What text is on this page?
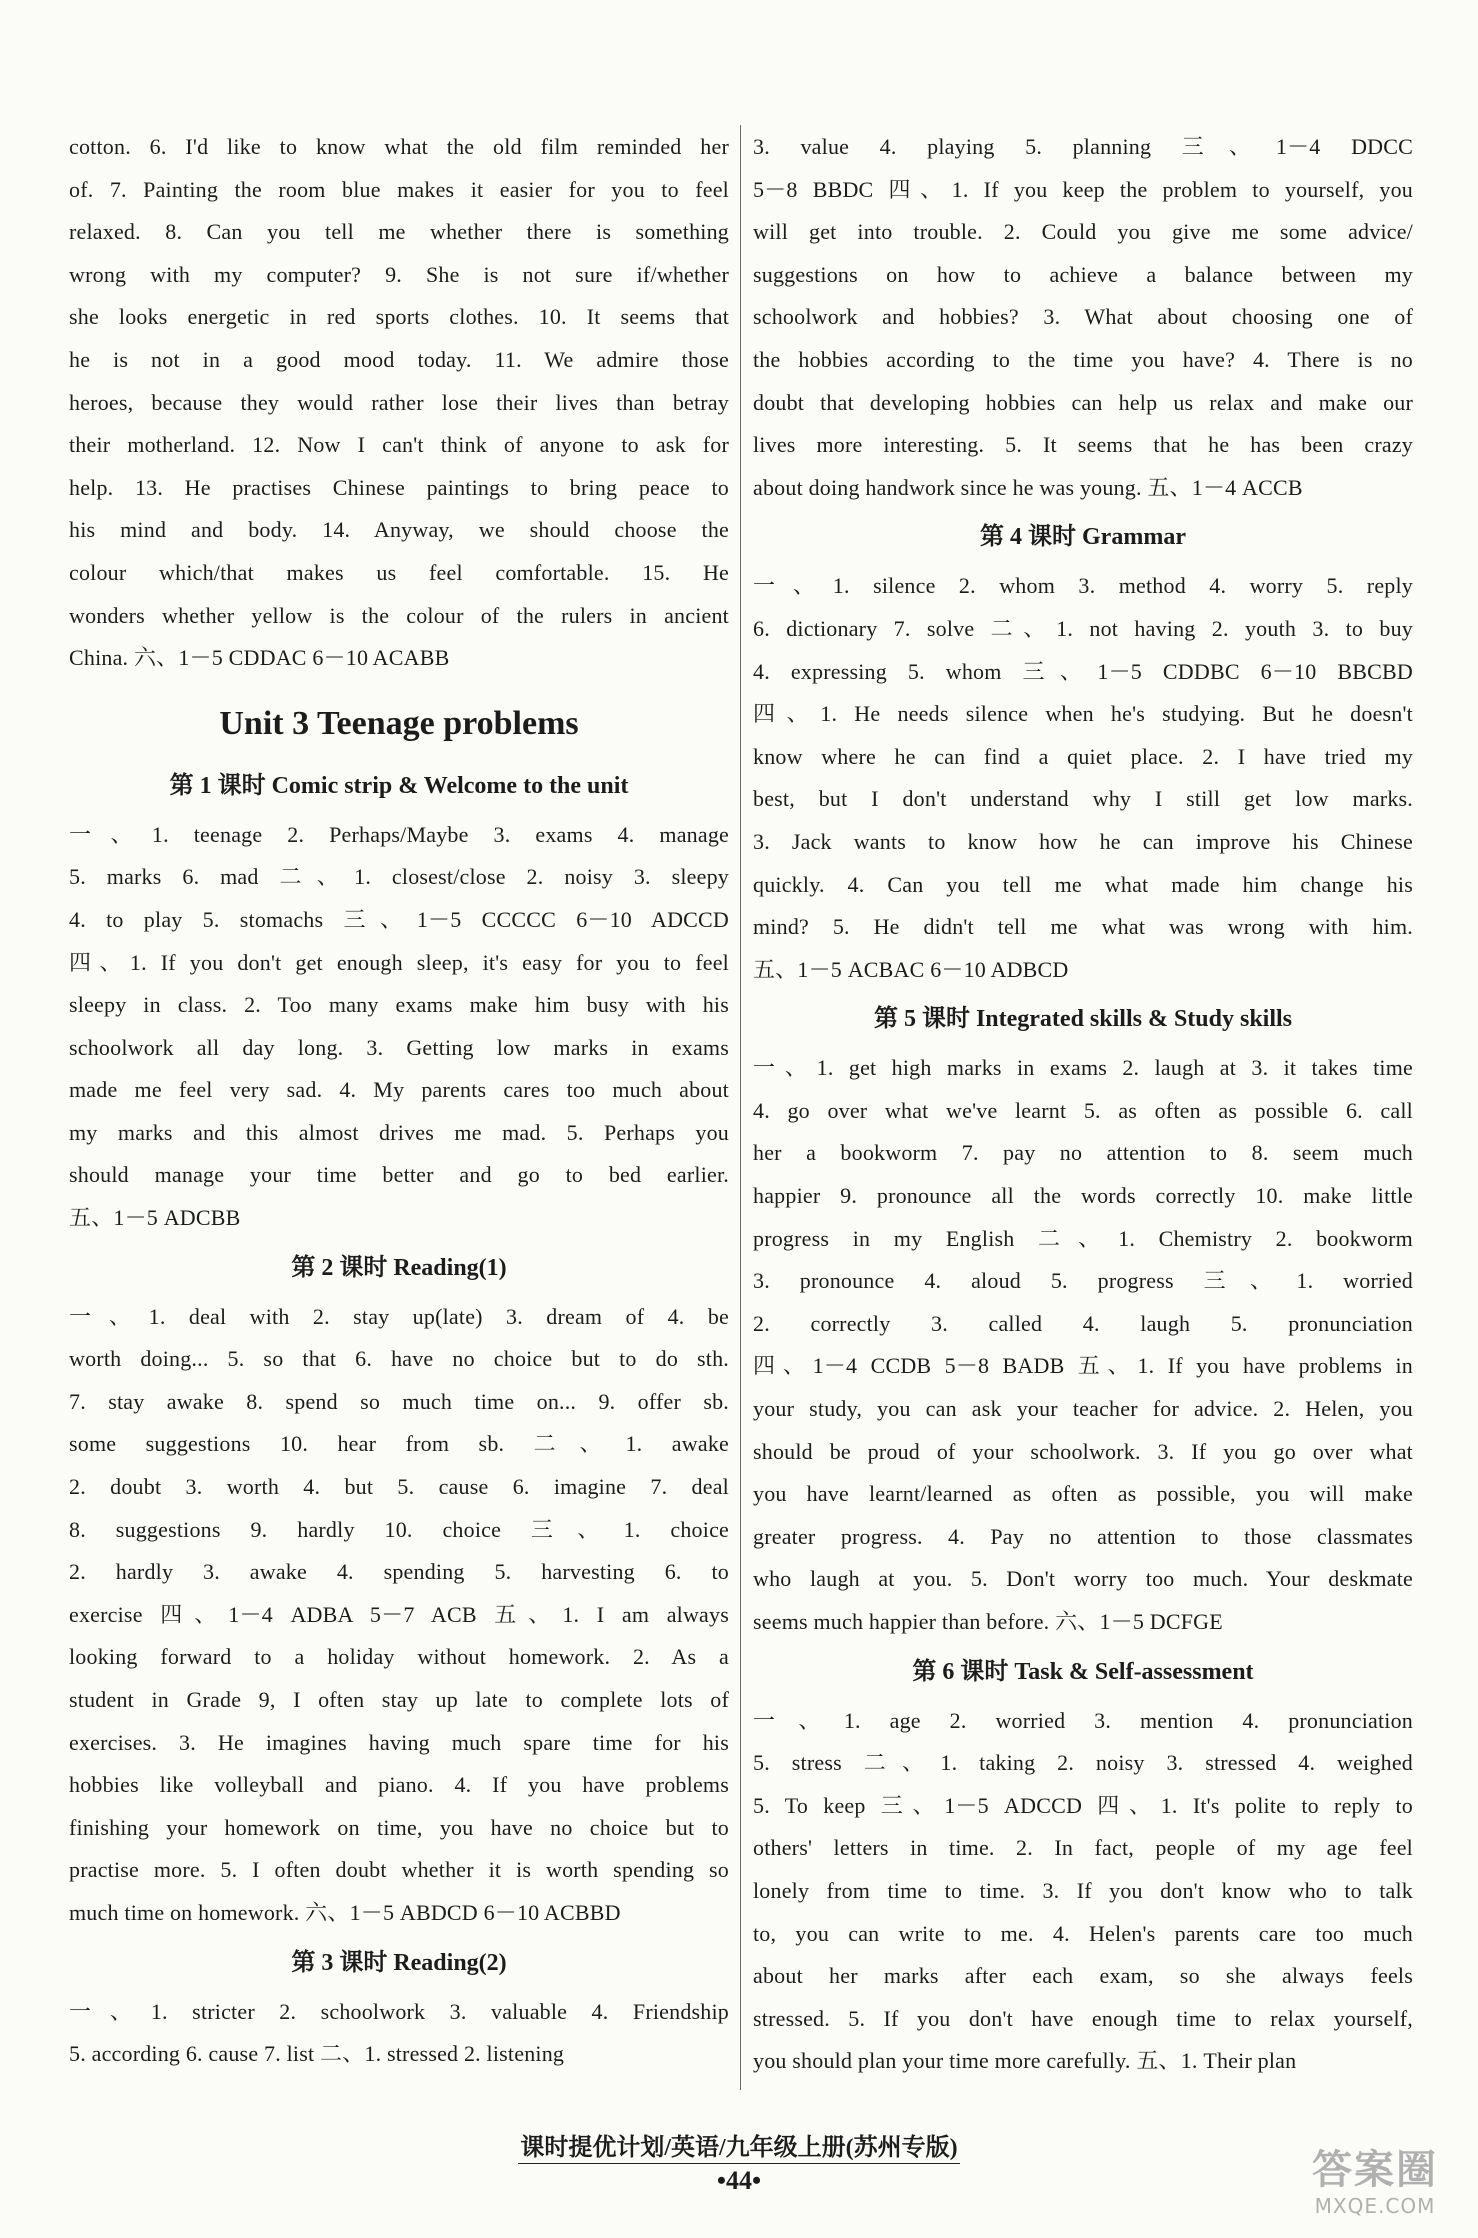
cotton. 6. I'd like to know what the old film reminded her

of. 7. Painting the room blue makes it easier for you to feel

relaxed. 8. Can you tell me whether there is something

wrong with my computer? 9. She is not sure if/whether

she looks energetic in red sports clothes. 10. It seems that

he is not in a good mood today. 11. We admire those

heroes, because they would rather lose their lives than betray

their motherland. 12. Now I can't think of anyone to ask for

help. 13. He practises Chinese paintings to bring peace to

his mind and body. 14. Anyway, we should choose the

colour which/that makes us feel comfortable. 15. He

wonders whether yellow is the colour of the rulers in ancient

China. 六、1－5 CDDAC 6－10 ACABB

Unit 3 Teenage problems
第 1 课时 Comic strip & Welcome to the unit

一、1. teenage 2. Perhaps/Maybe 3. exams 4. manage

5. marks 6. mad 二、1. closest/close 2. noisy 3. sleepy

4. to play 5. stomachs 三、1－5 CCCCC 6－10 ADCCD

四、1. If you don't get enough sleep, it's easy for you to feel

sleepy in class. 2. Too many exams make him busy with his

schoolwork all day long. 3. Getting low marks in exams

made me feel very sad. 4. My parents cares too much about

my marks and this almost drives me mad. 5. Perhaps you

should manage your time better and go to bed earlier.

五、1－5 ADCBB

第 2 课时 Reading(1)

一、1. deal with 2. stay up(late) 3. dream of 4. be

worth doing... 5. so that 6. have no choice but to do sth.

7. stay awake 8. spend so much time on... 9. offer sb.

some suggestions 10. hear from sb. 二、1. awake

2. doubt 3. worth 4. but 5. cause 6. imagine 7. deal

8. suggestions 9. hardly 10. choice 三、1. choice

2. hardly 3. awake 4. spending 5. harvesting 6. to

exercise 四、1－4 ADBA 5－7 ACB 五、1. I am always

looking forward to a holiday without homework. 2. As a

student in Grade 9, I often stay up late to complete lots of

exercises. 3. He imagines having much spare time for his

hobbies like volleyball and piano. 4. If you have problems

finishing your homework on time, you have no choice but to

practise more. 5. I often doubt whether it is worth spending so

much time on homework. 六、1－5 ABDCD 6－10 ACBBD

第 3 课时 Reading(2)

一、1. stricter 2. schoolwork 3. valuable 4. Friendship

5. according 6. cause 7. list 二、1. stressed 2. listening

3. value 4. playing 5. planning 三、1－4 DDCC

5－8 BBDC 四、1. If you keep the problem to yourself, you

will get into trouble. 2. Could you give me some advice/

suggestions on how to achieve a balance between my

schoolwork and hobbies? 3. What about choosing one of

the hobbies according to the time you have? 4. There is no

doubt that developing hobbies can help us relax and make our

lives more interesting. 5. It seems that he has been crazy

about doing handwork since he was young. 五、1－4 ACCB

第 4 课时 Grammar

一、1. silence 2. whom 3. method 4. worry 5. reply

6. dictionary 7. solve 二、1. not having 2. youth 3. to buy

4. expressing 5. whom 三、1－5 CDDBC 6－10 BBCBD

四、1. He needs silence when he's studying. But he doesn't

know where he can find a quiet place. 2. I have tried my

best, but I don't understand why I still get low marks.

3. Jack wants to know how he can improve his Chinese

quickly. 4. Can you tell me what made him change his

mind? 5. He didn't tell me what was wrong with him.

五、1－5 ACBAC 6－10 ADBCD

第 5 课时 Integrated skills & Study skills

一、1. get high marks in exams 2. laugh at 3. it takes time

4. go over what we've learnt 5. as often as possible 6. call

her a bookworm 7. pay no attention to 8. seem much

happier 9. pronounce all the words correctly 10. make little

progress in my English 二、1. Chemistry 2. bookworm

3. pronounce 4. aloud 5. progress 三、1. worried

2. correctly 3. called 4. laugh 5. pronunciation

四、1－4 CCDB 5－8 BADB 五、1. If you have problems in

your study, you can ask your teacher for advice. 2. Helen, you

should be proud of your schoolwork. 3. If you go over what

you have learnt/learned as often as possible, you will make

greater progress. 4. Pay no attention to those classmates

who laugh at you. 5. Don't worry too much. Your deskmate

seems much happier than before. 六、1－5 DCFGE

第 6 课时 Task & Self-assessment

一、1. age 2. worried 3. mention 4. pronunciation

5. stress 二、1. taking 2. noisy 3. stressed 4. weighed

5. To keep 三、1－5 ADCCD 四、1. It's polite to reply to

others' letters in time. 2. In fact, people of my age feel

lonely from time to time. 3. If you don't know who to talk

to, you can write to me. 4. Helen's parents care too much

about her marks after each exam, so she always feels

stressed. 5. If you don't have enough time to relax yourself,

you should plan your time more carefully. 五、1. Their plan

课时提优计划/英语/九年级上册(苏州专版)
•44•	答案圈
MXQE.COM
